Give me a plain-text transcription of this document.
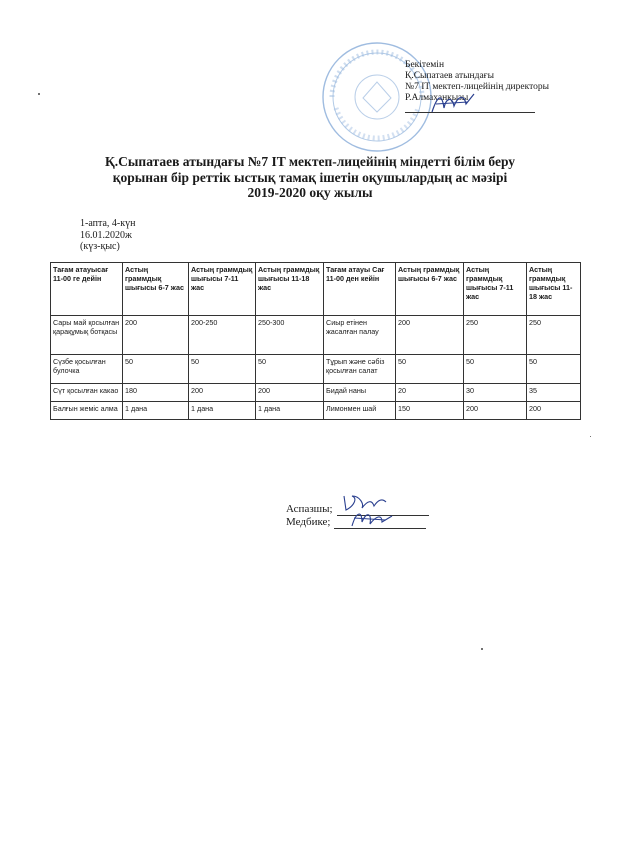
Бекітемін
Қ.Сыпатаев атындағы
№7 IT мектеп-лицейінің директоры
Р.Алмаханқызы
Қ.Сыпатаев атындағы №7 IT мектеп-лицейінің міндетті білім беру
қорынан бір реттік ыстық тамақ ішетін оқушылардың ас мәзірі
2019-2020 оқу жылы
1-апта, 4-күн
16.01.2020ж
(күз-қыс)
Тағам атауысағ 11-00 ге дейін	Астың граммдық шығысы 6-7 жас	Астың граммдық шығысы 7-11 жас	Астың граммдық шығысы 11-18 жас	Тағам атауы Сағ 11-00 ден кейін	Астың граммдық шығысы 6-7 жас	Астың граммдық шығысы 7-11 жас	Астың граммдық шығысы 11-18 жас
Сары май қосылған қарақұмық ботқасы	200	200-250	250-300	Сиыр етінен жасалған палау	200	250	250
Сүзбе қосылған булочка	50	50	50	Тұрып және сәбіз қосылған салат	50	50	50
Сүт қосылған какао	180	200	200	Бидай наны	20	30	35
Балғын жеміс алма	1 дана	1 дана	1 дана	Лимонмен шай	150	200	200
Аспазшы;
Медбике;
